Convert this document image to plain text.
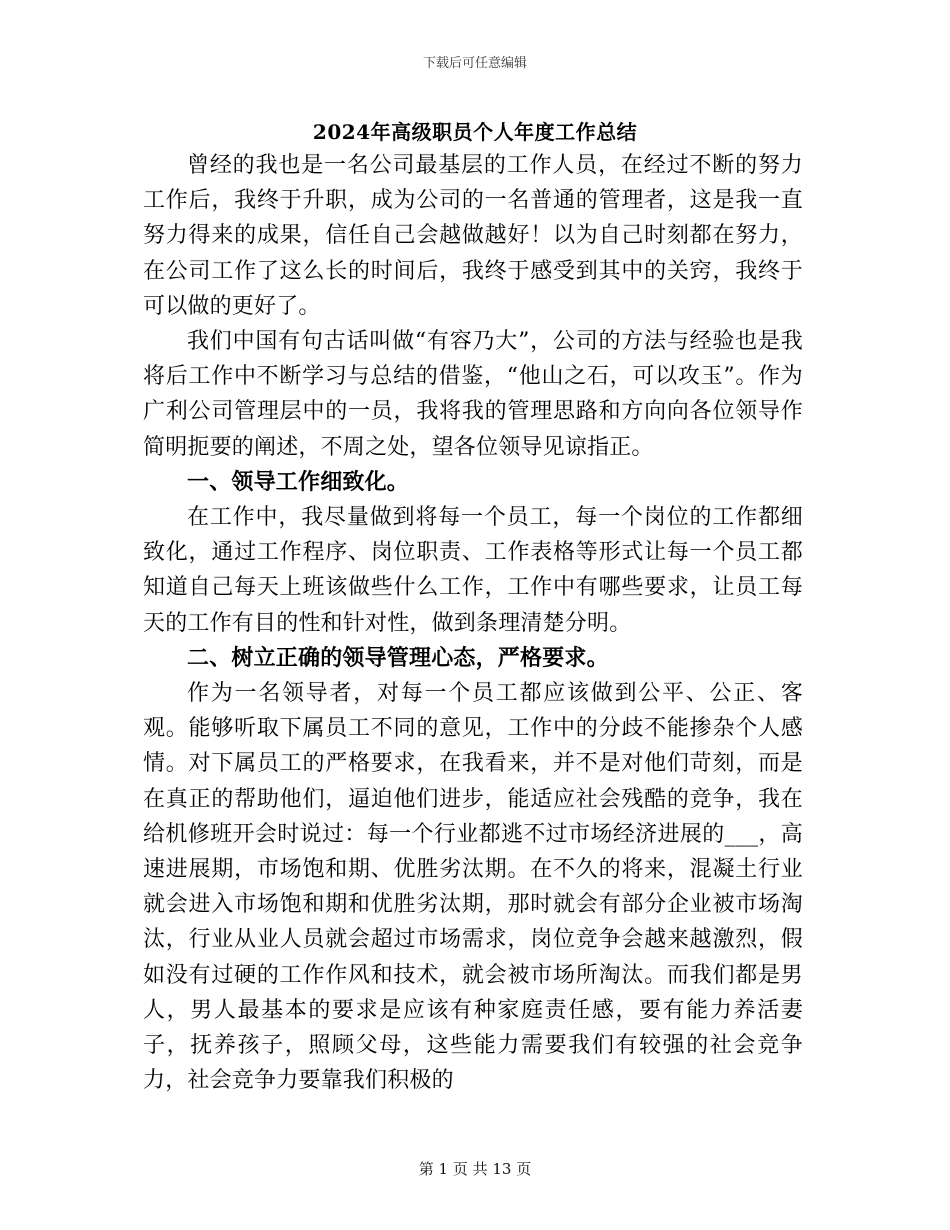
下载后可任意编辑
2024年高级职员个人年度工作总结

曾经的我也是一名公司最基层的工作人员，在经过不断的努力工作后，我终于升职，成为公司的一名普通的管理者，这是我一直努力得来的成果，信任自己会越做越好！以为自己时刻都在努力，在公司工作了这么长的时间后，我终于感受到其中的关窍，我终于可以做的更好了。

我们中国有句古话叫做“有容乃大”，公司的方法与经验也是我将后工作中不断学习与总结的借鉴，“他山之石，可以攻玉”。作为广利公司管理层中的一员，我将我的管理思路和方向向各位领导作简明扼要的阐述，不周之处，望各位领导见谅指正。

一、领导工作细致化。

在工作中，我尽量做到将每一个员工，每一个岗位的工作都细致化，通过工作程序、岗位职责、工作表格等形式让每一个员工都知道自己每天上班该做些什么工作，工作中有哪些要求，让员工每天的工作有目的性和针对性，做到条理清楚分明。

二、树立正确的领导管理心态，严格要求。

作为一名领导者，对每一个员工都应该做到公平、公正、客观。能够听取下属员工不同的意见，工作中的分歧不能掺杂个人感情。对下属员工的严格要求，在我看来，并不是对他们苛刻，而是在真正的帮助他们，逼迫他们进步，能适应社会残酷的竞争，我在给机修班开会时说过：每一个行业都逃不过市场经济进展的___，高速进展期，市场饱和期、优胜劣汰期。在不久的将来，混凝土行业就会进入市场饱和期和优胜劣汰期，那时就会有部分企业被市场淘汰，行业从业人员就会超过市场需求，岗位竞争会越来越激烈，假如没有过硬的工作作风和技术，就会被市场所淘汰。而我们都是男人，男人最基本的要求是应该有种家庭责任感，要有能力养活妻子，抚养孩子，照顾父母，这些能力需要我们有较强的社会竞争力，社会竞争力要靠我们积极的

第 1 页 共 13 页
